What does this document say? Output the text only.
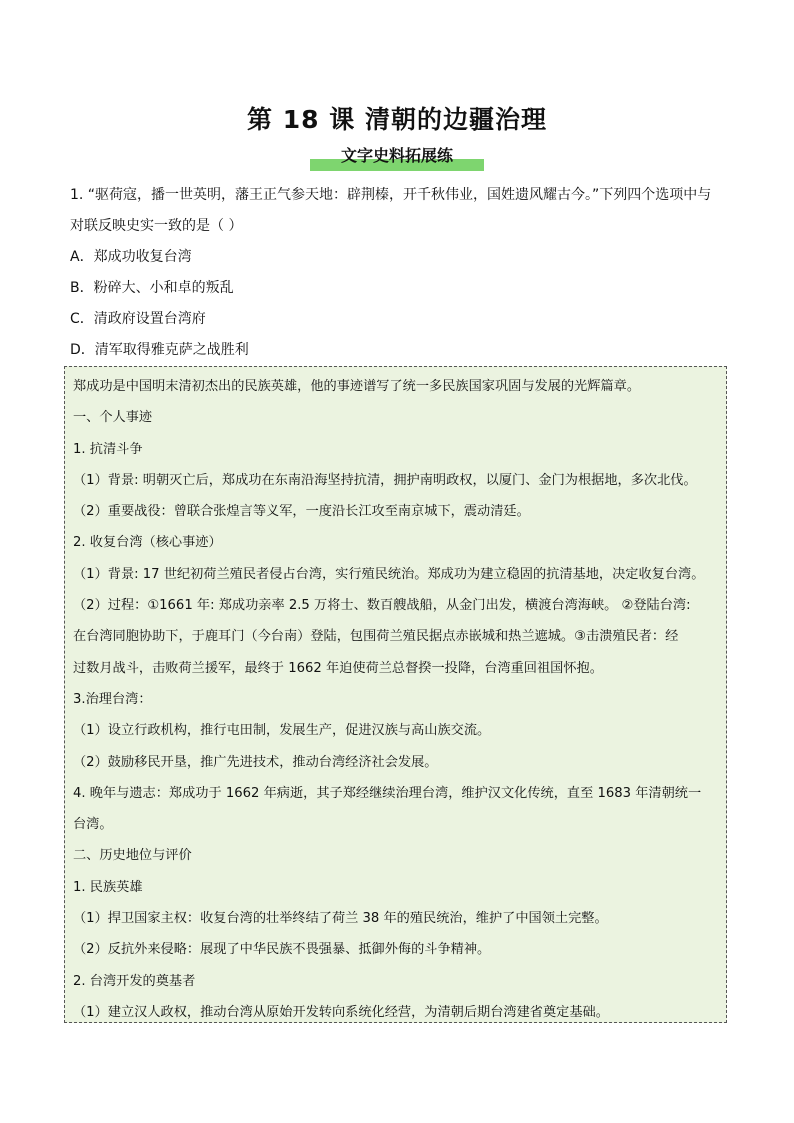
第 18 课 清朝的边疆治理
文字史料拓展练
1. “驱荷寇，播一世英明，藩王正气参天地：辟荆榛，开千秋伟业，国姓遗风耀古今。”下列四个选项中与
对联反映史实一致的是（ ）
A．郑成功收复台湾
B．粉碎大、小和卓的叛乱
C．清政府设置台湾府
D．清军取得雅克萨之战胜利
郑成功是中国明末清初杰出的民族英雄，他的事迹谱写了统一多民族国家巩固与发展的光辉篇章。
一、个人事迹
1. 抗清斗争
（1）背景: 明朝灭亡后，郑成功在东南沿海坚持抗清，拥护南明政权，以厦门、金门为根据地，多次北伐。
（2）重要战役：曾联合张煌言等义军，一度沿长江攻至南京城下，震动清廷。
2. 收复台湾（核心事迹）
（1）背景: 17 世纪初荷兰殖民者侵占台湾，实行殖民统治。郑成功为建立稳固的抗清基地，决定收复台湾。
（2）过程：①1661 年: 郑成功亲率 2.5 万将士、数百艘战船，从金门出发，横渡台湾海峡。 ②登陆台湾:
在台湾同胞协助下，于鹿耳门（今台南）登陆，包围荷兰殖民据点赤嵌城和热兰遮城。③击溃殖民者：经
过数月战斗，击败荷兰援军，最终于 1662 年迫使荷兰总督揆一投降，台湾重回祖国怀抱。
3.治理台湾：
（1）设立行政机构，推行屯田制，发展生产，促进汉族与高山族交流。
（2）鼓励移民开垦，推广先进技术，推动台湾经济社会发展。
4. 晚年与遗志：郑成功于 1662 年病逝，其子郑经继续治理台湾，维护汉文化传统，直至 1683 年清朝统一
台湾。
二、历史地位与评价
1. 民族英雄
（1）捍卫国家主权：收复台湾的壮举终结了荷兰 38 年的殖民统治，维护了中国领土完整。
（2）反抗外来侵略：展现了中华民族不畏强暴、抵御外侮的斗争精神。
2. 台湾开发的奠基者
（1）建立汉人政权，推动台湾从原始开发转向系统化经营，为清朝后期台湾建省奠定基础。
